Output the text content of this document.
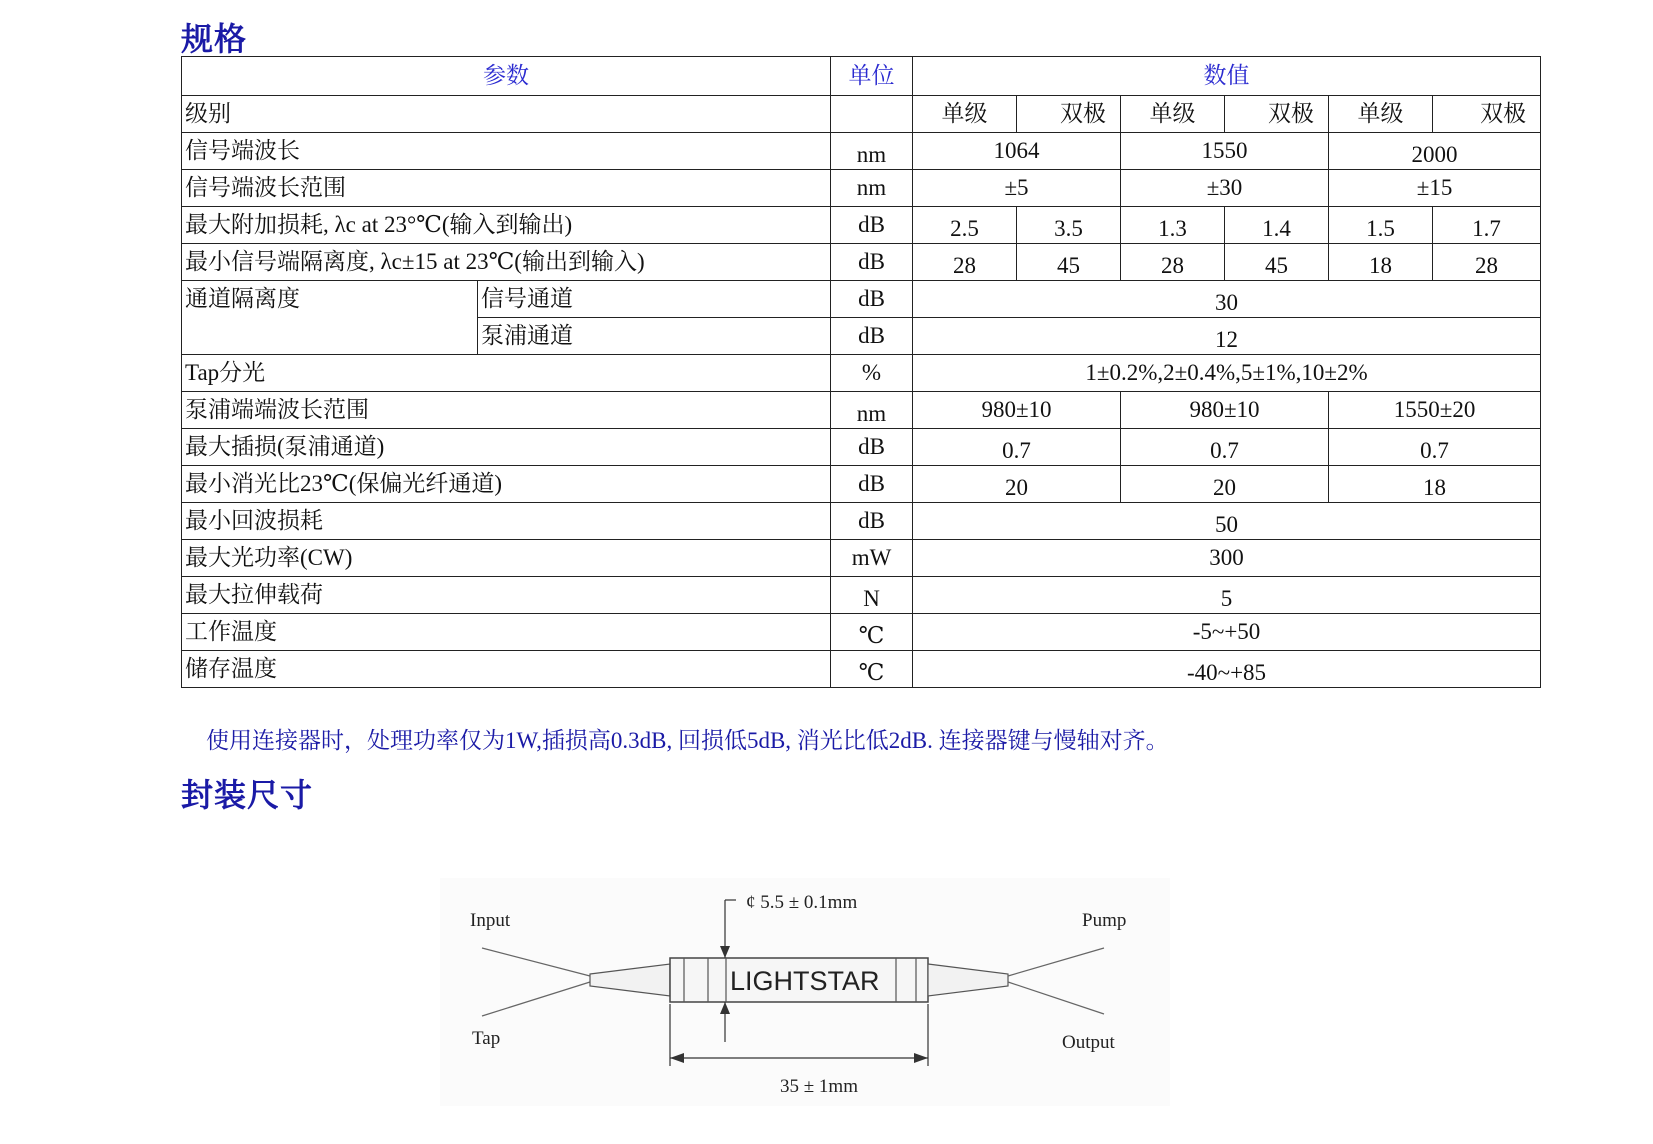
规格
参数		单位	数值					
级别			单级	双极	单级	双极	单级	双极
信号端波长		nm	1064		1550		2000	
信号端波长范围		nm	±5		±30		±15	
最大附加损耗, λc at 23°℃(输入到输出)		dB	2.5	3.5	1.3	1.4	1.5	1.7
最小信号端隔离度, λc±15 at 23℃(输出到输入)		dB	28	45	28	45	18	28
通道隔离度	信号通道	dB	30					
	泵浦通道	dB	12					
Tap分光		%	1±0.2%,2±0.4%,5±1%,10±2%					
泵浦端端波长范围		nm	980±10		980±10		1550±20	
最大插损(泵浦通道)		dB	0.7		0.7		0.7	
最小消光比23℃(保偏光纤通道)		dB	20		20		18	
最小回波损耗		dB	50					
最大光功率(CW)		mW	300					
最大拉伸载荷		N	5					
工作温度		℃	-5~+50					
储存温度		℃	-40~+85					
使用连接器时，处理功率仅为1W,插损高0.3dB, 回损低5dB, 消光比低2dB. 连接器键与慢轴对齐。
封装尺寸
LIGHTSTAR
¢ 5.5 ± 0.1mm
35 ± 1mm
Input
Tap
Pump
Output
